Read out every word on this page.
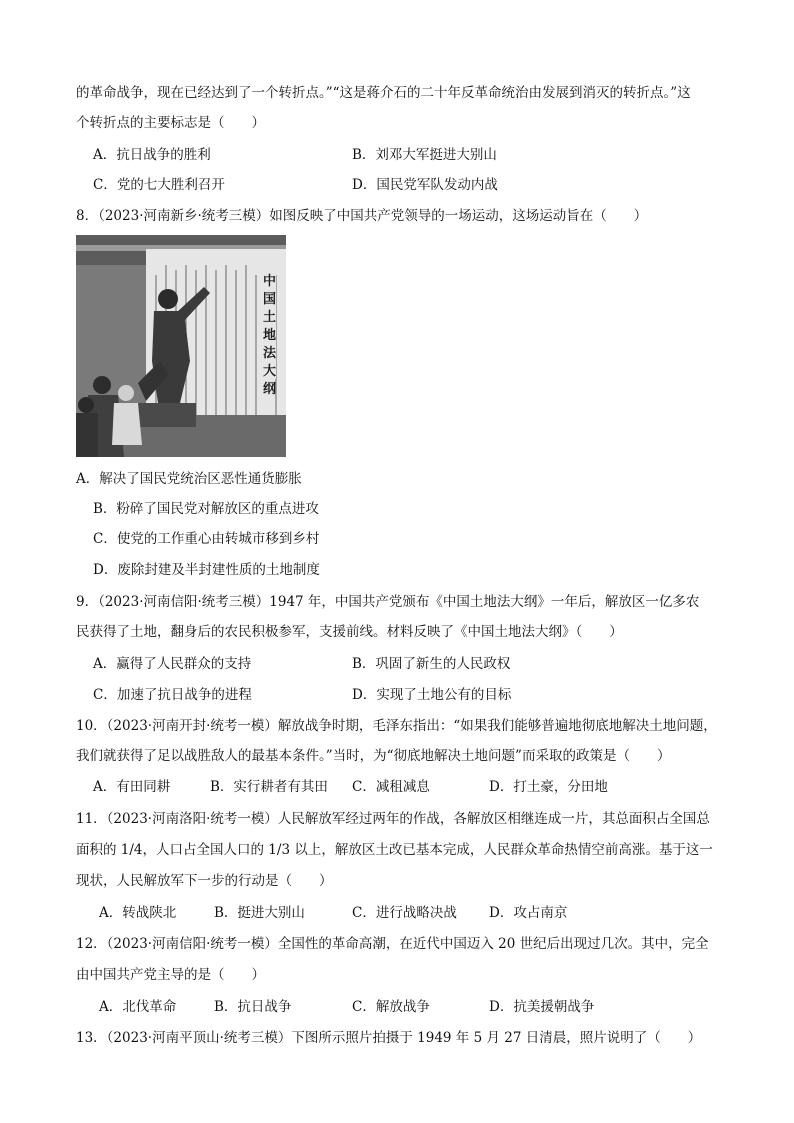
的革命战争，现在已经达到了一个转折点。”“这是蒋介石的二十年反革命统治由发展到消灭的转折点。”这
个转折点的主要标志是（　　）
A．抗日战争的胜利	B．刘邓大军挺进大别山
C．党的七大胜利召开	D．国民党军队发动内战
8．（2023·河南新乡·统考三模）如图反映了中国共产党领导的一场运动，这场运动旨在（　　）
中
国
土
地
法
大
纲
A．解决了国民党统治区恶性通货膨胀
B．粉碎了国民党对解放区的重点进攻
C．使党的工作重心由转城市移到乡村
D．废除封建及半封建性质的土地制度
9．（2023·河南信阳·统考三模）1947 年，中国共产党颁布《中国土地法大纲》一年后，解放区一亿多农
民获得了土地，翻身后的农民积极参军，支援前线。材料反映了《中国土地法大纲》（　　）
A．赢得了人民群众的支持	B．巩固了新生的人民政权
C．加速了抗日战争的进程	D．实现了土地公有的目标
10．（2023·河南开封·统考一模）解放战争时期，毛泽东指出：“如果我们能够普遍地彻底地解决土地问题，
我们就获得了足以战胜敌人的最基本条件。”当时，为“彻底地解决土地问题”而采取的政策是（　　）
A．有田同耕	B．实行耕者有其田 C．减租减息	D．打土豪，分田地
11．（2023·河南洛阳·统考一模）人民解放军经过两年的作战，各解放区相继连成一片，其总面积占全国总
面积的 1/4，人口占全国人口的 1/3 以上，解放区土改已基本完成，人民群众革命热情空前高涨。基于这一
现状，人民解放军下一步的行动是（　　）
A．转战陕北	B．挺进大别山	C．进行战略决战 D．攻占南京
12．（2023·河南信阳·统考一模）全国性的革命高潮，在近代中国迈入 20 世纪后出现过几次。其中，完全
由中国共产党主导的是（　　）
A．北伐革命	B．抗日战争	C．解放战争	D．抗美援朝战争
13．（2023·河南平顶山·统考三模）下图所示照片拍摄于 1949 年 5 月 27 日清晨，照片说明了（　　）
